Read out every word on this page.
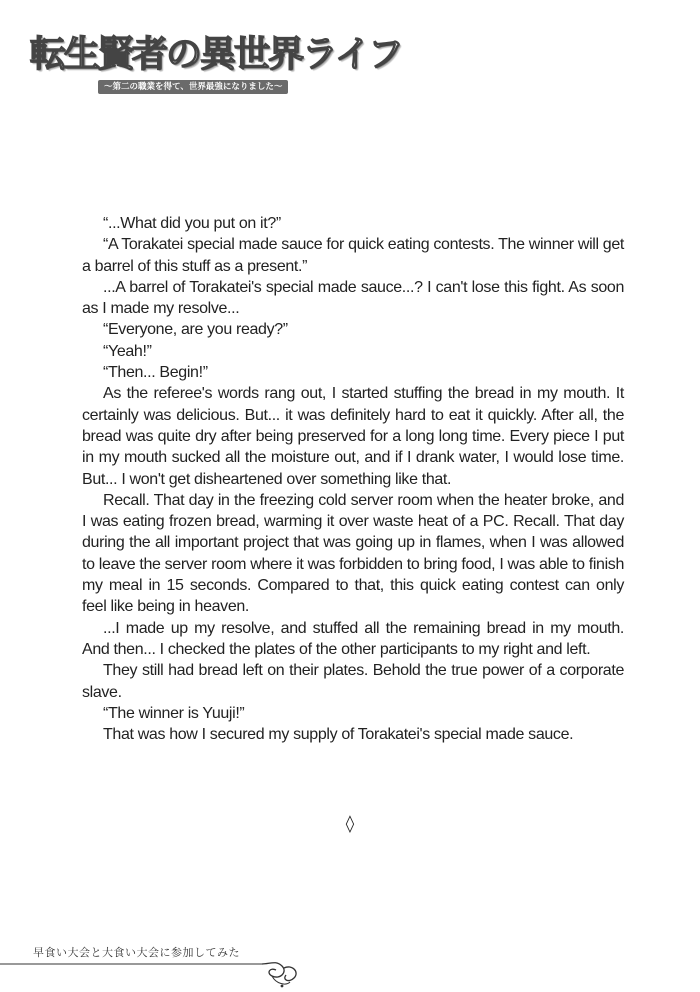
転生賢者の異世界ライフ
～第二の職業を得て、世界最強になりました～

“...What did you put on it?”

“A Torakatei special made sauce for quick eating contests. The winner will get a barrel of this stuff as a present.”

...A barrel of Torakatei's special made sauce...? I can't lose this fight. As soon as I made my resolve...

“Everyone, are you ready?”

“Yeah!”

“Then... Begin!”

As the referee's words rang out, I started stuffing the bread in my mouth. It certainly was delicious. But... it was definitely hard to eat it quickly. After all, the bread was quite dry after being preserved for a long long time. Every piece I put in my mouth sucked all the moisture out, and if I drank water, I would lose time. But... I won't get disheartened over something like that.

Recall. That day in the freezing cold server room when the heater broke, and I was eating frozen bread, warming it over waste heat of a PC. Recall. That day during the all important project that was going up in flames, when I was allowed to leave the server room where it was forbidden to bring food, I was able to finish my meal in 15 seconds. Compared to that, this quick eating contest can only feel like being in heaven.

...I made up my resolve, and stuffed all the remaining bread in my mouth. And then... I checked the plates of the other participants to my right and left.

They still had bread left on their plates. Behold the true power of a corporate slave.

“The winner is Yuuji!”

That was how I secured my supply of Torakatei's special made sauce.

◊
早食い大会と大食い大会に参加してみた
